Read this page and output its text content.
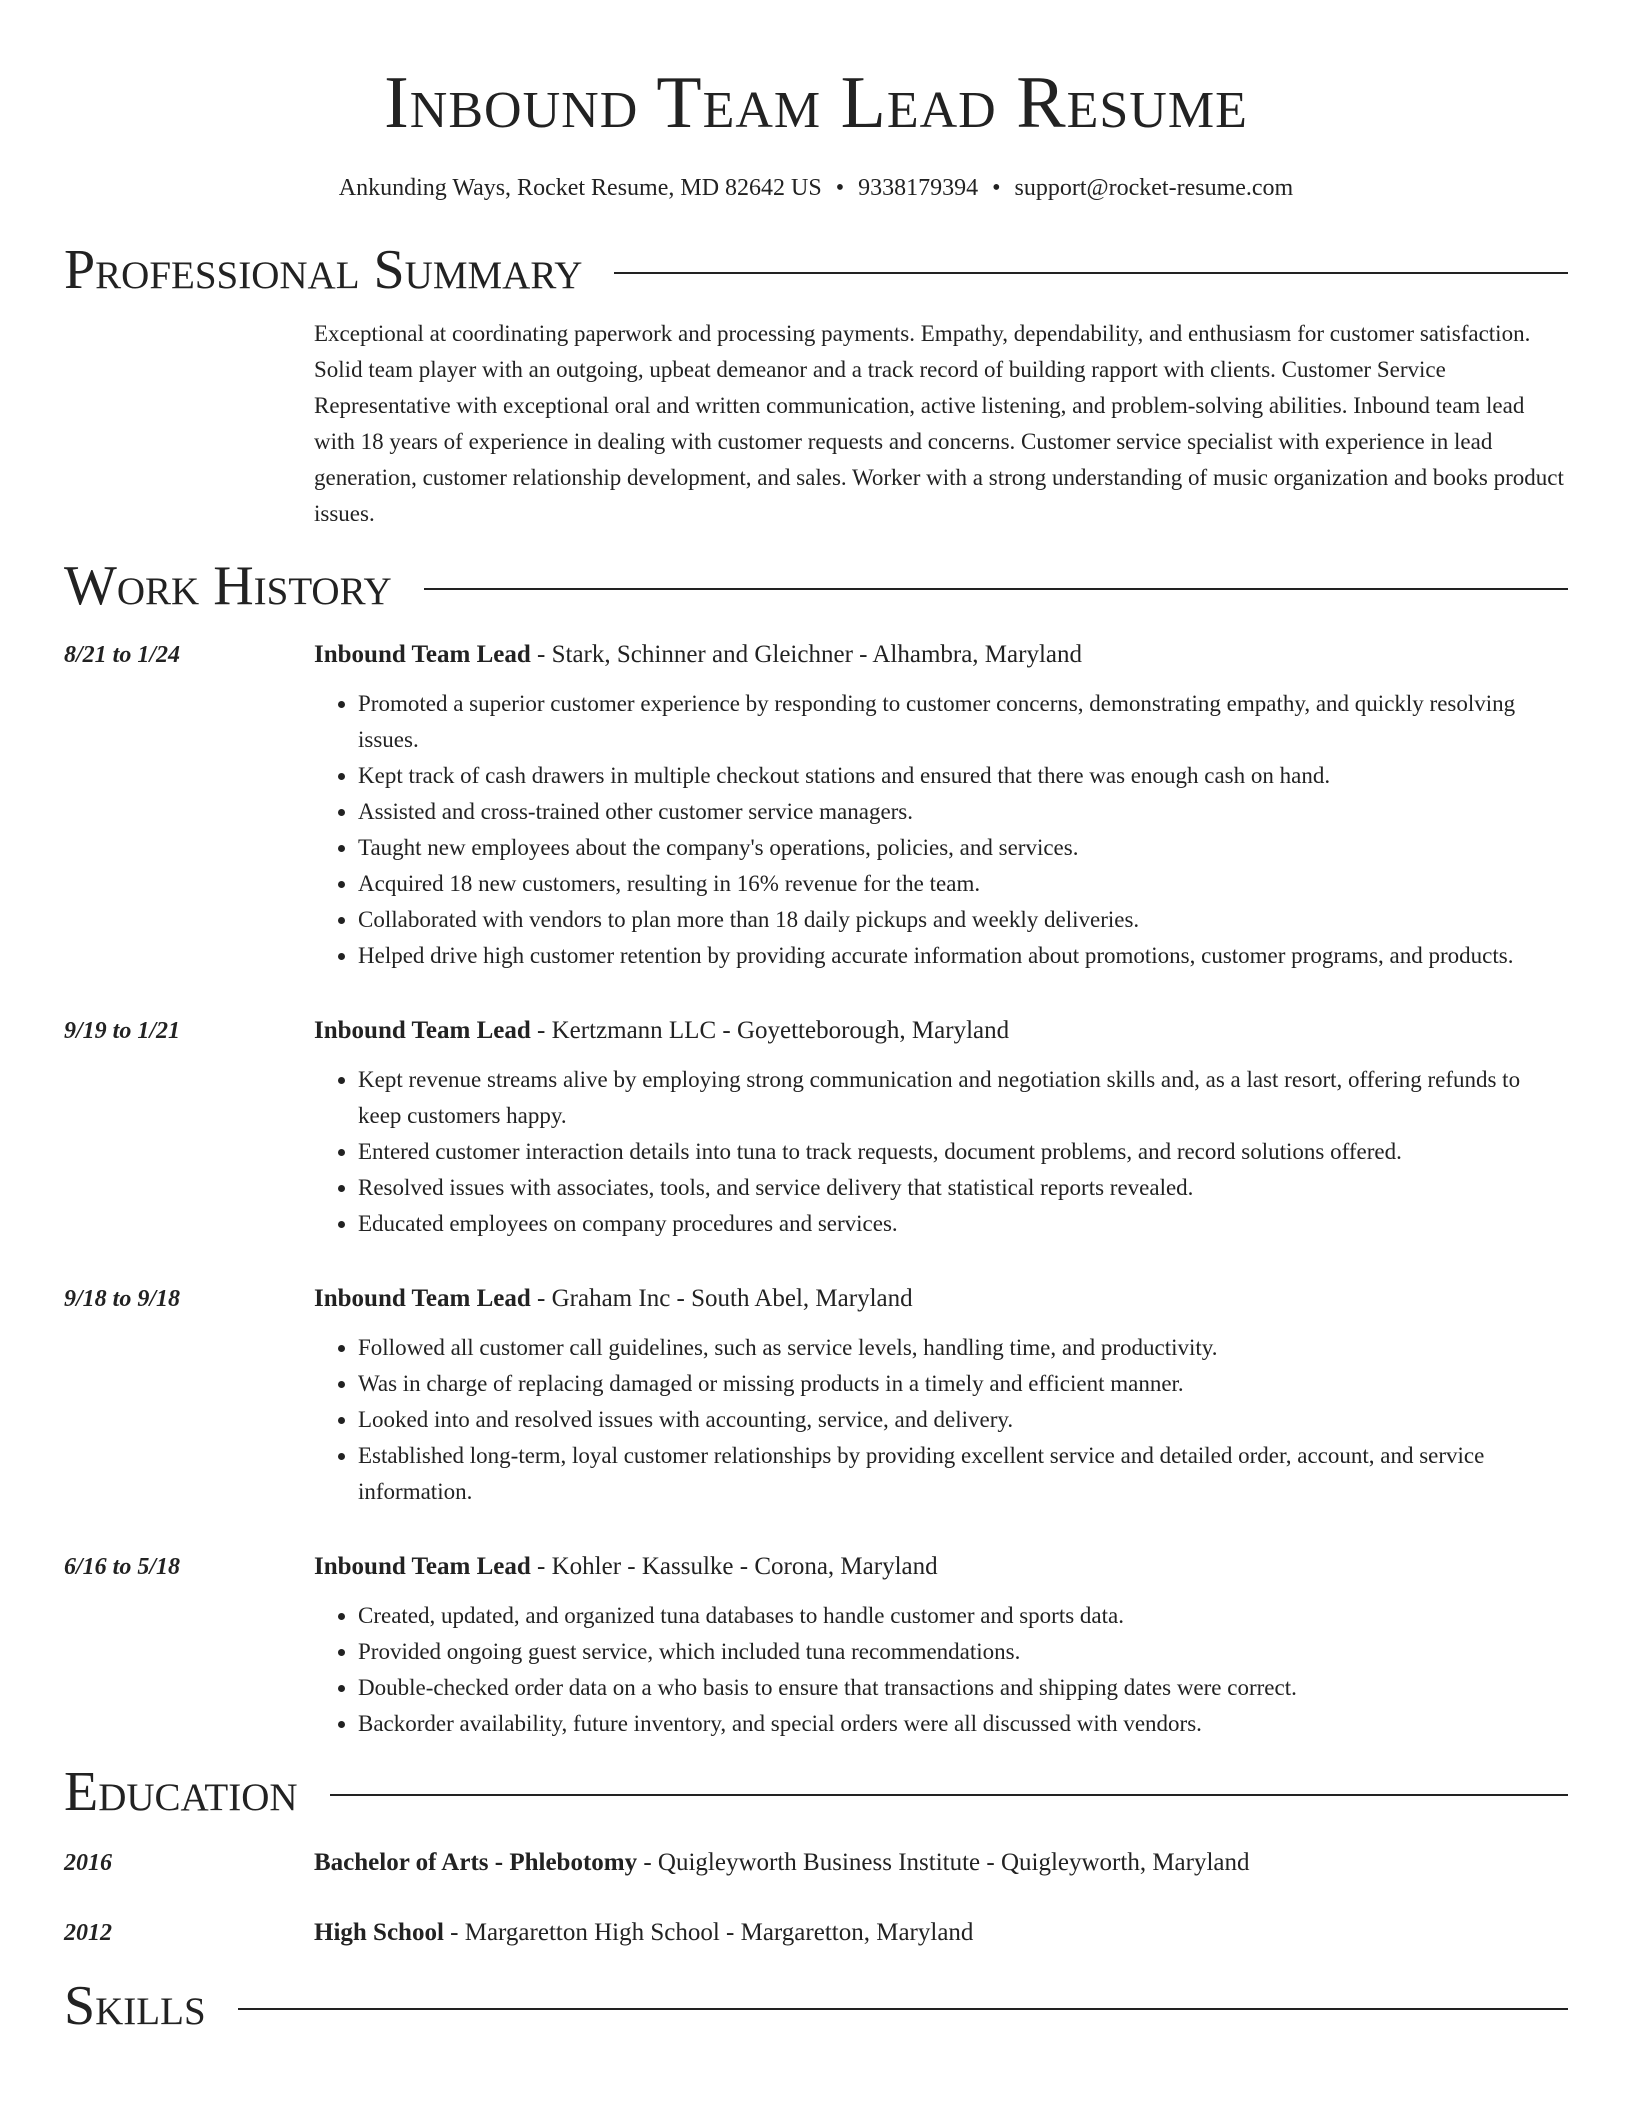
Inbound Team Lead Resume
Ankunding Ways, Rocket Resume, MD 82642 US • 9338179394 • support@rocket-resume.com
Professional Summary
Exceptional at coordinating paperwork and processing payments. Empathy, dependability, and enthusiasm for customer satisfaction. Solid team player with an outgoing, upbeat demeanor and a track record of building rapport with clients. Customer Service Representative with exceptional oral and written communication, active listening, and problem-solving abilities. Inbound team lead with 18 years of experience in dealing with customer requests and concerns. Customer service specialist with experience in lead generation, customer relationship development, and sales. Worker with a strong understanding of music organization and books product issues.
Work History
8/21 to 1/24	Inbound Team Lead - Stark, Schinner and Gleichner - Alhambra, Maryland
• Promoted a superior customer experience by responding to customer concerns, demonstrating empathy, and quickly resolving issues.
• Kept track of cash drawers in multiple checkout stations and ensured that there was enough cash on hand.
• Assisted and cross-trained other customer service managers.
• Taught new employees about the company's operations, policies, and services.
• Acquired 18 new customers, resulting in 16% revenue for the team.
• Collaborated with vendors to plan more than 18 daily pickups and weekly deliveries.
• Helped drive high customer retention by providing accurate information about promotions, customer programs, and products.
9/19 to 1/21	Inbound Team Lead - Kertzmann LLC - Goyetteborough, Maryland
• Kept revenue streams alive by employing strong communication and negotiation skills and, as a last resort, offering refunds to keep customers happy.
• Entered customer interaction details into tuna to track requests, document problems, and record solutions offered.
• Resolved issues with associates, tools, and service delivery that statistical reports revealed.
• Educated employees on company procedures and services.
9/18 to 9/18	Inbound Team Lead - Graham Inc - South Abel, Maryland
• Followed all customer call guidelines, such as service levels, handling time, and productivity.
• Was in charge of replacing damaged or missing products in a timely and efficient manner.
• Looked into and resolved issues with accounting, service, and delivery.
• Established long-term, loyal customer relationships by providing excellent service and detailed order, account, and service information.
6/16 to 5/18	Inbound Team Lead - Kohler - Kassulke - Corona, Maryland
• Created, updated, and organized tuna databases to handle customer and sports data.
• Provided ongoing guest service, which included tuna recommendations.
• Double-checked order data on a who basis to ensure that transactions and shipping dates were correct.
• Backorder availability, future inventory, and special orders were all discussed with vendors.
Education
2016	Bachelor of Arts - Phlebotomy - Quigleyworth Business Institute - Quigleyworth, Maryland
2012	High School - Margaretton High School - Margaretton, Maryland
Skills
